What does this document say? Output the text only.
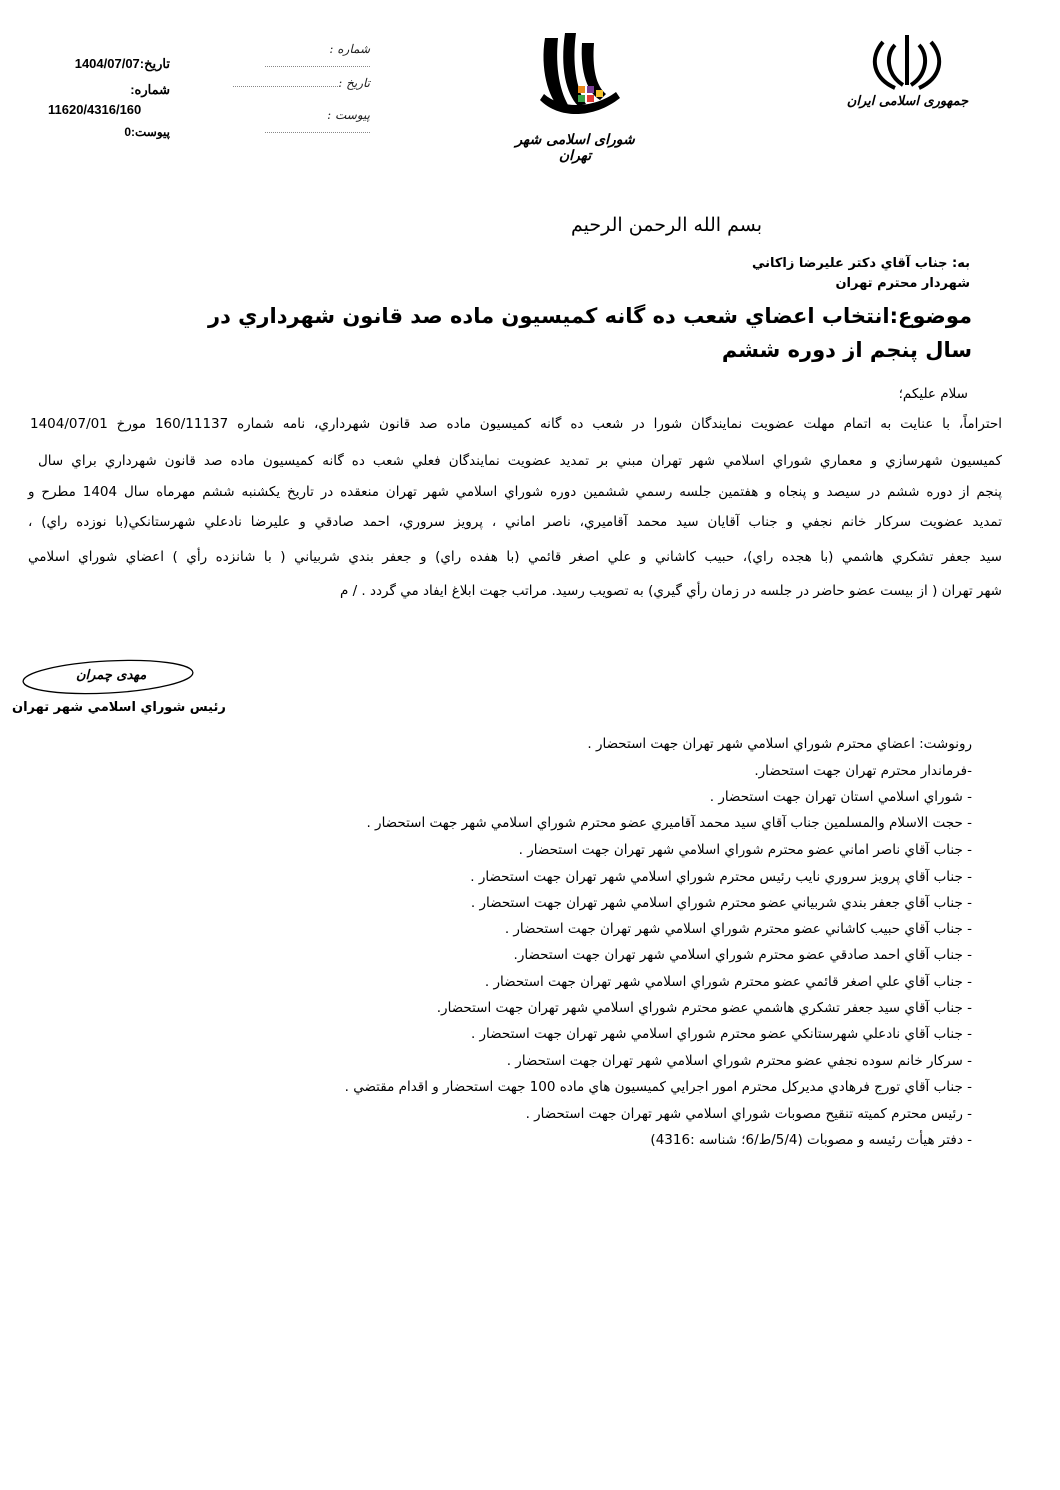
تاريخ:1404/07/07
شماره:
11620/4316/160
پيوست:0
شماره :
تاریخ :
پیوست :
شورای اسلامی شهر تهران
جمهوری اسلامی ایران
بسم الله الرحمن الرحيم
به: جناب آقاي دكتر عليرضا زاكاني
شهردار محترم تهران
موضوع:انتخاب اعضاي شعب ده گانه كميسيون ماده صد قانون شهرداري در
سال پنجم از دوره ششم
سلام عليكم؛
احتراماً، با عنايت به اتمام مهلت عضويت نمايندگان شورا در شعب ده گانه كميسيون ماده صد قانون شهرداري، نامه شماره 160/11137 مورخ 1404/07/01
كميسيون شهرسازي و معماري شوراي اسلامي شهر تهران مبني بر تمديد عضويت نمايندگان فعلي شعب ده گانه كميسيون ماده صد قانون شهرداري براي سال
پنجم از دوره ششم در سيصد و پنجاه و هفتمين جلسه رسمي ششمين دوره شوراي اسلامي شهر تهران منعقده در تاريخ يكشنبه ششم مهرماه سال 1404 مطرح و
تمديد عضويت سركار خانم نجفي و جناب آقايان سيد محمد آقاميري، ناصر اماني ، پرويز سروري، احمد صادقي و عليرضا نادعلي شهرستانكي(با نوزده راي) ،
سيد جعفر تشكري هاشمي (با هجده راي)، حبيب كاشاني و علي اصغر قائمي (با هفده راي) و جعفر بندي شربياني ( با شانزده رأي ) اعضاي شوراي اسلامي
شهر تهران ( از بيست عضو حاضر در جلسه در زمان رأي گيري) به تصويب رسيد. مراتب جهت ابلاغ ايفاد مي گردد . / م
مهدی چمران
رئيس شوراي اسلامي شهر تهران
رونوشت: اعضاي محترم شوراي اسلامي شهر تهران جهت استحضار .
-فرماندار محترم تهران جهت استحضار.
- شوراي اسلامي استان تهران جهت استحضار .
- حجت الاسلام والمسلمين جناب آقاي سيد محمد آقاميري عضو محترم شوراي اسلامي شهر جهت استحضار .
- جناب آقاي ناصر اماني عضو محترم شوراي اسلامي شهر تهران جهت استحضار .
- جناب آقاي پرويز سروري نايب رئيس محترم شوراي اسلامي شهر تهران جهت استحضار .
- جناب آقاي جعفر بندي شربياني عضو محترم شوراي اسلامي شهر تهران جهت استحضار .
- جناب آقاي حبيب كاشاني عضو محترم شوراي اسلامي شهر تهران جهت استحضار .
- جناب آقاي احمد صادقي عضو محترم شوراي اسلامي شهر تهران جهت استحضار.
- جناب آقاي علي اصغر قائمي عضو محترم شوراي اسلامي شهر تهران جهت استحضار .
- جناب آقاي سيد جعفر تشكري هاشمي عضو محترم شوراي اسلامي شهر تهران جهت استحضار.
- جناب آقاي نادعلي شهرستانكي عضو محترم شوراي اسلامي شهر تهران جهت استحضار .
- سركار خانم سوده نجفي عضو محترم شوراي اسلامي شهر تهران جهت استحضار .
- جناب آقاي تورج فرهادي مديركل محترم امور اجرايي كميسيون هاي ماده 100 جهت استحضار و اقدام مقتضي .
- رئيس محترم كميته تنقيح مصوبات شوراي اسلامي شهر تهران جهت استحضار .
- دفتر هيأت رئيسه و مصوبات (5/4/ط/6؛ شناسه :4316)
